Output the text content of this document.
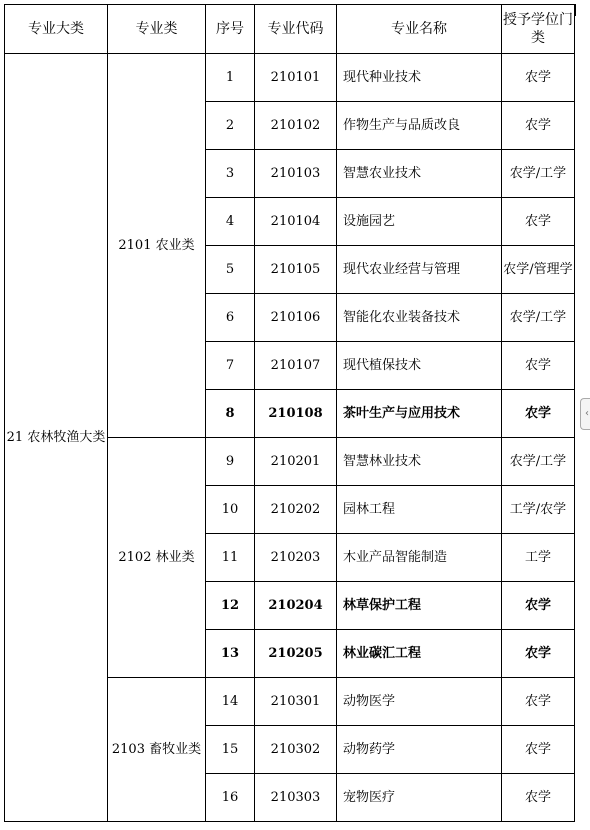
专业大类	专业类	序号	专业代码	专业名称	授予学位门类
21 农林牧渔大类	2101 农业类	1	210101	现代种业技术	农学
		2	210102	作物生产与品质改良	农学
		3	210103	智慧农业技术	农学/工学
		4	210104	设施园艺	农学
		5	210105	现代农业经营与管理	农学/管理学
		6	210106	智能化农业装备技术	农学/工学
		7	210107	现代植保技术	农学
		8	210108	茶叶生产与应用技术	农学
	2102 林业类	9	210201	智慧林业技术	农学/工学
		10	210202	园林工程	工学/农学
		11	210203	木业产品智能制造	工学
		12	210204	林草保护工程	农学
		13	210205	林业碳汇工程	农学
	2103 畜牧业类	14	210301	动物医学	农学
		15	210302	动物药学	农学
		16	210303	宠物医疗	农学
‹
